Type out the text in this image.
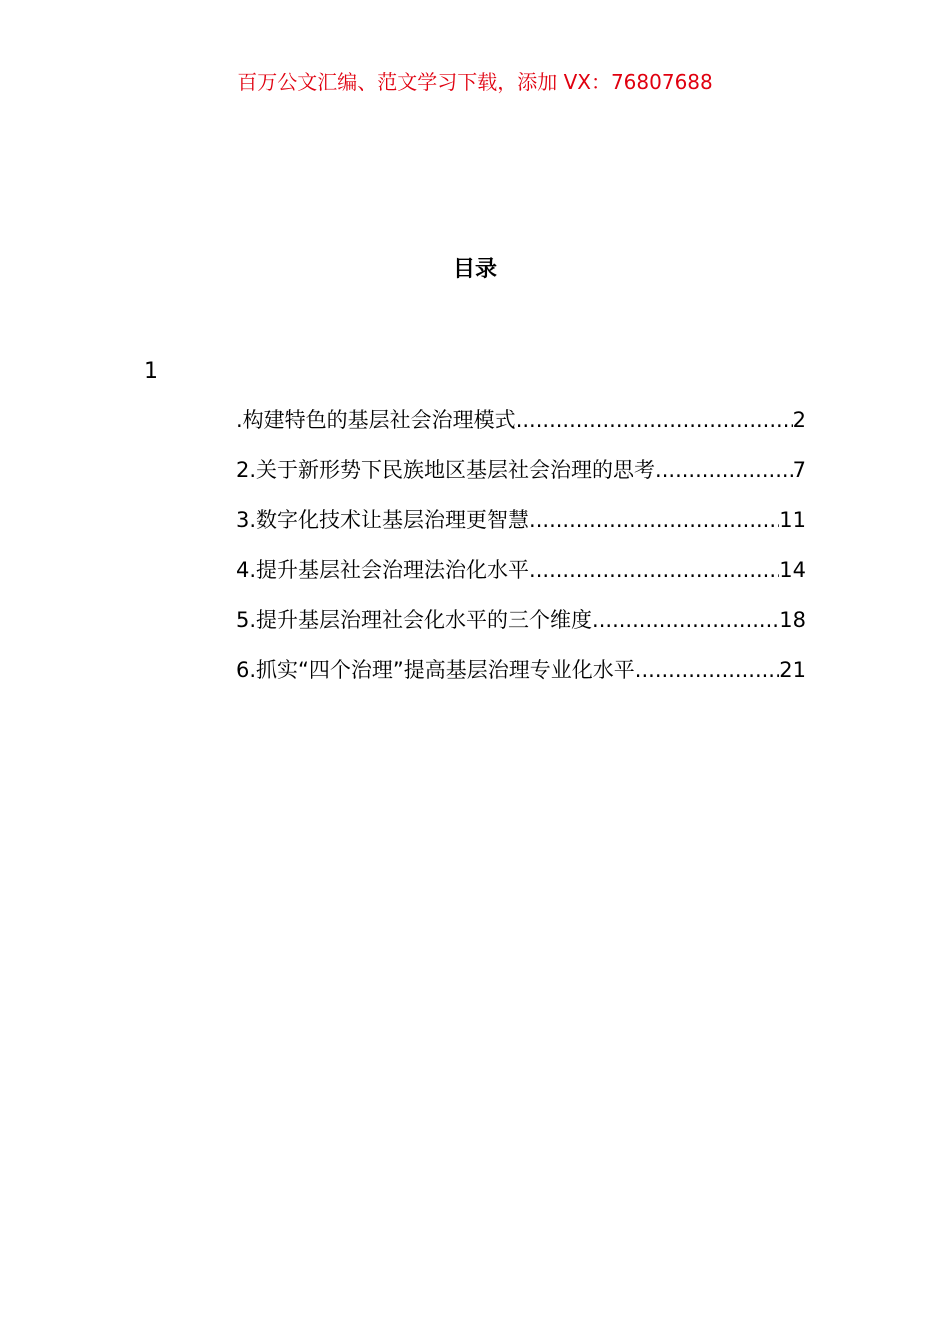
百万公文汇编、范文学习下载，添加 VX：76807688
目录
1
.构建特色的基层社会治理模式 .....	2
2.关于新形势下民族地区基层社会治理的思考 .....	7
3.数字化技术让基层治理更智慧 .....	11
4.提升基层社会治理法治化水平 .....	14
5.提升基层治理社会化水平的三个维度 .....	18
6.抓实“四个治理”提高基层治理专业化水平 .....	21
